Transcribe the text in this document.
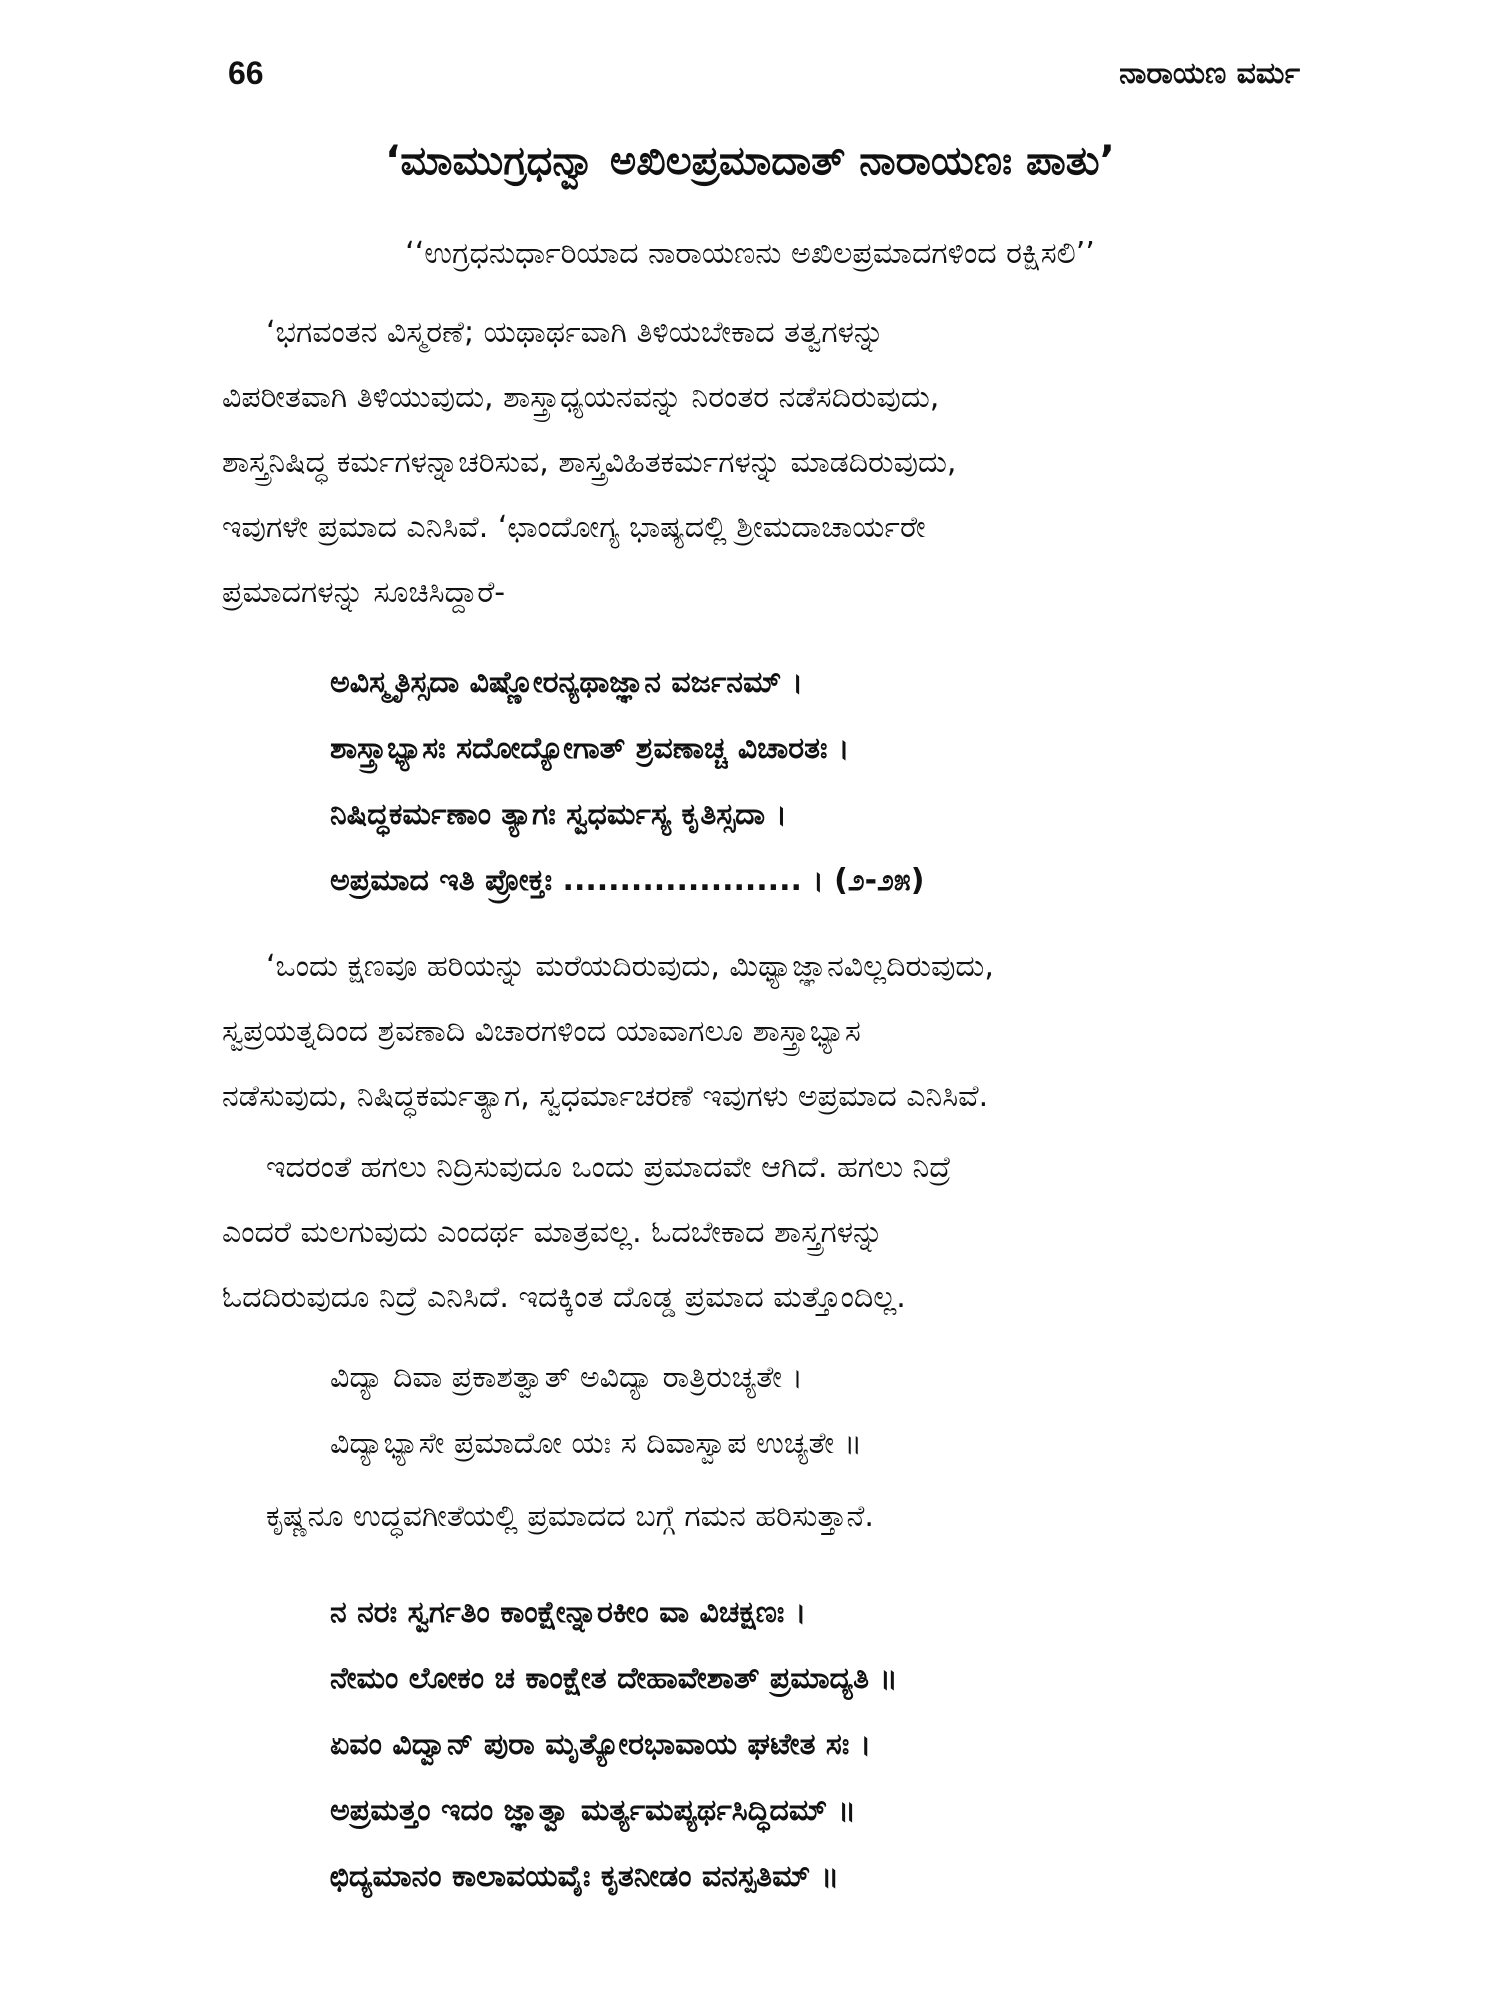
66	ನಾರಾಯಣ ವರ್ಮ
‘ಮಾಮುಗ್ರಧನ್ವಾ ಅಖಿಲಪ್ರಮಾದಾತ್ ನಾರಾಯಣಃ ಪಾತು’
‘‘ಉಗ್ರಧನುರ್ಧಾರಿಯಾದ ನಾರಾಯಣನು ಅಖಿಲಪ್ರಮಾದಗಳಿಂದ ರಕ್ಷಿಸಲಿ’’
‘ಭಗವಂತನ ವಿಸ್ಮರಣೆ; ಯಥಾರ್ಥವಾಗಿ ತಿಳಿಯಬೇಕಾದ ತತ್ವಗಳನ್ನು
ವಿಪರೀತವಾಗಿ ತಿಳಿಯುವುದು, ಶಾಸ್ತ್ರಾಧ್ಯಯನವನ್ನು ನಿರಂತರ ನಡೆಸದಿರುವುದು,
ಶಾಸ್ತ್ರನಿಷಿದ್ಧ ಕರ್ಮಗಳನ್ನಾಚರಿಸುವ, ಶಾಸ್ತ್ರವಿಹಿತಕರ್ಮಗಳನ್ನು ಮಾಡದಿರುವುದು,
ಇವುಗಳೇ ಪ್ರಮಾದ ಎನಿಸಿವೆ. ‘ಛಾಂದೋಗ್ಯ ಭಾಷ್ಯದಲ್ಲಿ ಶ್ರೀಮದಾಚಾರ್ಯರೇ
ಪ್ರಮಾದಗಳನ್ನು ಸೂಚಿಸಿದ್ದಾರೆ-
ಅವಿಸ್ಮೃತಿಸ್ಸದಾ ವಿಷ್ಣೋರನ್ಯಥಾಜ್ಞಾನ ವರ್ಜನಮ್ ।
ಶಾಸ್ತ್ರಾಭ್ಯಾಸಃ ಸದೋದ್ಯೋಗಾತ್ ಶ್ರವಣಾಚ್ಚ ವಿಚಾರತಃ ।
ನಿಷಿದ್ಧಕರ್ಮಣಾಂ ತ್ಯಾಗಃ ಸ್ವಧರ್ಮಸ್ಯ ಕೃತಿಸ್ಸದಾ ।
ಅಪ್ರಮಾದ ಇತಿ ಪ್ರೋಕ್ತಃ ..................... । (೨-೨೫)
‘ಒಂದು ಕ್ಷಣವೂ ಹರಿಯನ್ನು ಮರೆಯದಿರುವುದು, ಮಿಥ್ಯಾಜ್ಞಾನವಿಲ್ಲದಿರುವುದು,
ಸ್ವಪ್ರಯತ್ನದಿಂದ ಶ್ರವಣಾದಿ ವಿಚಾರಗಳಿಂದ ಯಾವಾಗಲೂ ಶಾಸ್ತ್ರಾಭ್ಯಾಸ
ನಡೆಸುವುದು, ನಿಷಿದ್ಧಕರ್ಮತ್ಯಾಗ, ಸ್ವಧರ್ಮಾಚರಣೆ ಇವುಗಳು ಅಪ್ರಮಾದ ಎನಿಸಿವೆ.
ಇದರಂತೆ ಹಗಲು ನಿದ್ರಿಸುವುದೂ ಒಂದು ಪ್ರಮಾದವೇ ಆಗಿದೆ. ಹಗಲು ನಿದ್ರೆ
ಎಂದರೆ ಮಲಗುವುದು ಎಂದರ್ಥ ಮಾತ್ರವಲ್ಲ. ಓದಬೇಕಾದ ಶಾಸ್ತ್ರಗಳನ್ನು
ಓದದಿರುವುದೂ ನಿದ್ರೆ ಎನಿಸಿದೆ. ಇದಕ್ಕಿಂತ ದೊಡ್ಡ ಪ್ರಮಾದ ಮತ್ತೊಂದಿಲ್ಲ.
ವಿದ್ಯಾ ದಿವಾ ಪ್ರಕಾಶತ್ವಾತ್ ಅವಿದ್ಯಾ ರಾತ್ರಿರುಚ್ಯತೇ ।
ವಿದ್ಯಾಭ್ಯಾಸೇ ಪ್ರಮಾದೋ ಯಃ ಸ ದಿವಾಸ್ವಾಪ ಉಚ್ಯತೇ ॥
ಕೃಷ್ಣನೂ ಉದ್ಧವಗೀತೆಯಲ್ಲಿ ಪ್ರಮಾದದ ಬಗ್ಗೆ ಗಮನ ಹರಿಸುತ್ತಾನೆ.
ನ ನರಃ ಸ್ವರ್ಗತಿಂ ಕಾಂಕ್ಷೇನ್ನಾರಕೀಂ ವಾ ವಿಚಕ್ಷಣಃ ।
ನೇಮಂ ಲೋಕಂ ಚ ಕಾಂಕ್ಷೇತ ದೇಹಾವೇಶಾತ್ ಪ್ರಮಾದ್ಯತಿ ॥
ಏವಂ ವಿದ್ವಾನ್ ಪುರಾ ಮೃತ್ಯೋರಭಾವಾಯ ಘಟೇತ ಸಃ ।
ಅಪ್ರಮತ್ತಂ ಇದಂ ಜ್ಞಾತ್ವಾ ಮರ್ತ್ಯಮಪ್ಯರ್ಥಸಿದ್ಧಿದಮ್ ॥
ಛಿದ್ಯಮಾನಂ ಕಾಲಾವಯವೈಃ ಕೃತನೀಡಂ ವನಸ್ಪತಿಮ್ ॥
